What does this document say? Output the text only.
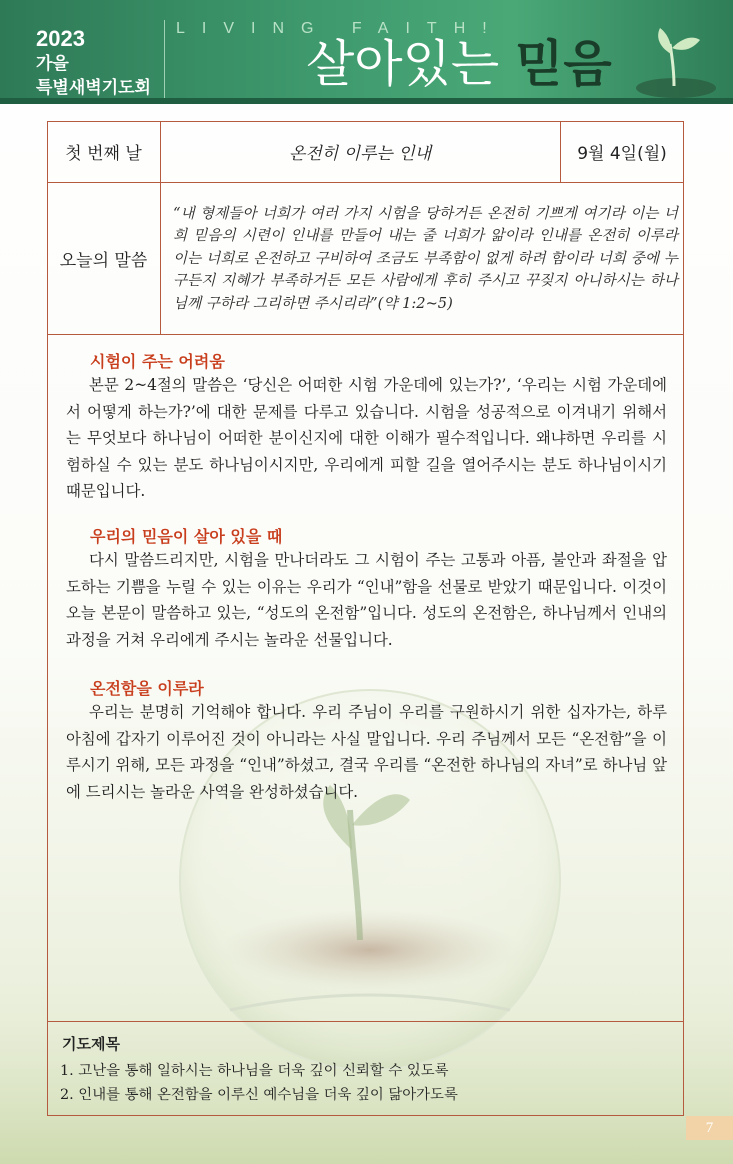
2023
가을
특별새벽기도회
LIVING FAITH!
살아있는 믿음
첫 번째 날	온전히 이루는 인내	9월 4일(월)
오늘의 말씀
“내 형제들아 너희가 여러 가지 시험을 당하거든 온전히 기쁘게 여기라 이는 너희 믿음의 시련이 인내를 만들어 내는 줄 너희가 앎이라 인내를 온전히 이루라 이는 너희로 온전하고 구비하여 조금도 부족함이 없게 하려 함이라 너희 중에 누구든지 지혜가 부족하거든 모든 사람에게 후히 주시고 꾸짖지 아니하시는 하나님께 구하라 그리하면 주시리라”(약 1:2~5)
시험이 주는 어려움
본문 2~4절의 말씀은 ‘당신은 어떠한 시험 가운데에 있는가?’, ‘우리는 시험 가운데에서 어떻게 하는가?’에 대한 문제를 다루고 있습니다. 시험을 성공적으로 이겨내기 위해서는 무엇보다 하나님이 어떠한 분이신지에 대한 이해가 필수적입니다. 왜냐하면 우리를 시험하실 수 있는 분도 하나님이시지만, 우리에게 피할 길을 열어주시는 분도 하나님이시기 때문입니다.
우리의 믿음이 살아 있을 때
다시 말씀드리지만, 시험을 만나더라도 그 시험이 주는 고통과 아픔, 불안과 좌절을 압도하는 기쁨을 누릴 수 있는 이유는 우리가 “인내”함을 선물로 받았기 때문입니다. 이것이 오늘 본문이 말씀하고 있는, “성도의 온전함”입니다. 성도의 온전함은, 하나님께서 인내의 과정을 거쳐 우리에게 주시는 놀라운 선물입니다.
온전함을 이루라
우리는 분명히 기억해야 합니다. 우리 주님이 우리를 구원하시기 위한 십자가는, 하루 아침에 갑자기 이루어진 것이 아니라는 사실 말입니다. 우리 주님께서 모든 “온전함”을 이루시기 위해, 모든 과정을 “인내”하셨고, 결국 우리를 “온전한 하나님의 자녀”로 하나님 앞에 드리시는 놀라운 사역을 완성하셨습니다.
기도제목
1. 고난을 통해 일하시는 하나님을 더욱 깊이 신뢰할 수 있도록
2. 인내를 통해 온전함을 이루신 예수님을 더욱 깊이 닮아가도록
7
